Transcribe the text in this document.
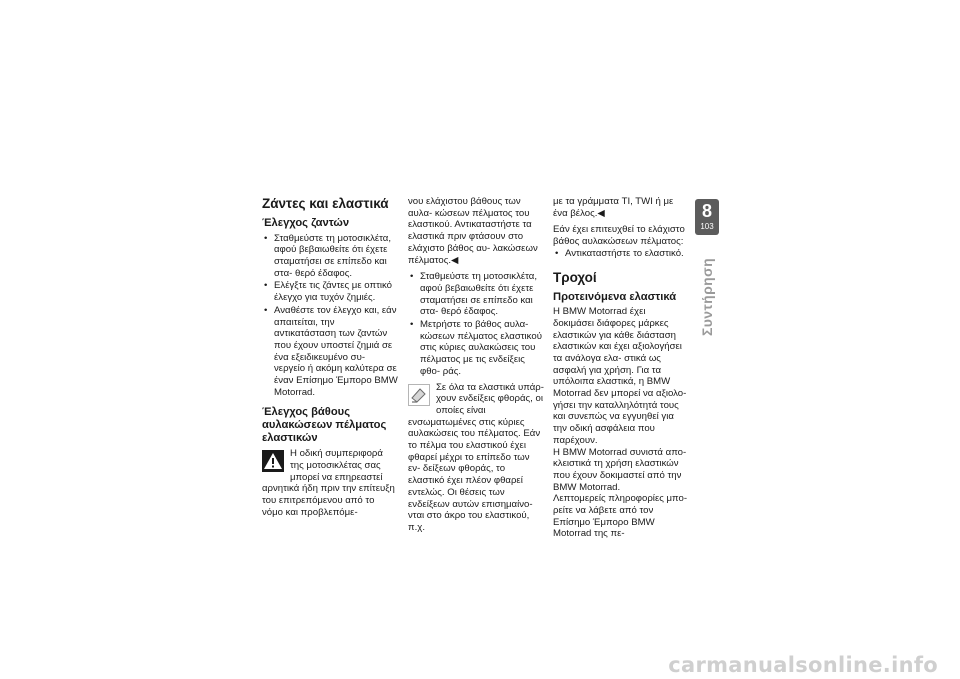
Ζάντες και ελαστικά
Έλεγχος ζαντών
• Σταθμεύστε τη μοτοσικλέτα, αφού βεβαιωθείτε ότι έχετε σταματήσει σε επίπεδο και στα- θερό έδαφος.
• Ελέγξτε τις ζάντες με οπτικό έλεγχο για τυχόν ζημιές.
• Αναθέστε τον έλεγχο και, εάν απαιτείται, την αντικατάσταση των ζαντών που έχουν υποστεί ζημιά σε ένα εξειδικευμένο συ- νεργείο ή ακόμη καλύτερα σε έναν Επίσημο Έμπορο BMW Motorrad.
Έλεγχος βάθους αυλακώσεων πέλματος ελαστικών

Η οδική συμπεριφορά της μοτοσικλέτας σας μπορεί να επηρεαστεί αρνητικά ήδη πριν την επίτευξη του επιτρεπόμενου από το νόμο και προβλεπόμε-

νου ελάχιστου βάθους των αυλα- κώσεων πέλματος του ελαστικού. Αντικαταστήστε τα ελαστικά πριν φτάσουν στο ελάχιστο βάθος αυ- λακώσεων πέλματος.◀

• Σταθμεύστε τη μοτοσικλέτα, αφού βεβαιωθείτε ότι έχετε σταματήσει σε επίπεδο και στα- θερό έδαφος.
• Μετρήστε το βάθος αυλα- κώσεων πέλματος ελαστικού στις κύριες αυλακώσεις του πέλματος με τις ενδείξεις φθο- ράς.

Σε όλα τα ελαστικά υπάρ- χουν ενδείξεις φθοράς, οι οποίες είναι ενσωματωμένες στις κύριες αυλακώσεις του πέλματος. Εάν το πέλμα του ελαστικού έχει φθαρεί μέχρι το επίπεδο των εν- δείξεων φθοράς, το ελαστικό έχει πλέον φθαρεί εντελώς. Οι θέσεις των ενδείξεων αυτών επισημαίνο- νται στο άκρο του ελαστικού, π.χ.

με τα γράμματα TI, TWI ή με ένα βέλος.◀

Εάν έχει επιτευχθεί το ελάχιστο βάθος αυλακώσεων πέλματος:

• Αντικαταστήστε το ελαστικό.
Τροχοί
Προτεινόμενα ελαστικά

Η BMW Motorrad έχει δοκιμάσει διάφορες μάρκες ελαστικών για κάθε διάσταση ελαστικών και έχει αξιολογήσει τα ανάλογα ελα- στικά ως ασφαλή για χρήση. Για τα υπόλοιπα ελαστικά, η BMW Motorrad δεν μπορεί να αξιολο- γήσει την καταλληλότητά τους και συνεπώς να εγγυηθεί για την οδική ασφάλεια που παρέχουν.

Η BMW Motorrad συνιστά απο- κλειστικά τη χρήση ελαστικών που έχουν δοκιμαστεί από την BMW Motorrad.

Λεπτομερείς πληροφορίες μπο- ρείτε να λάβετε από τον Επίσημο Έμπορο BMW Motorrad της πε-

8
103
Συντήρηση
carmanualsonline.info
